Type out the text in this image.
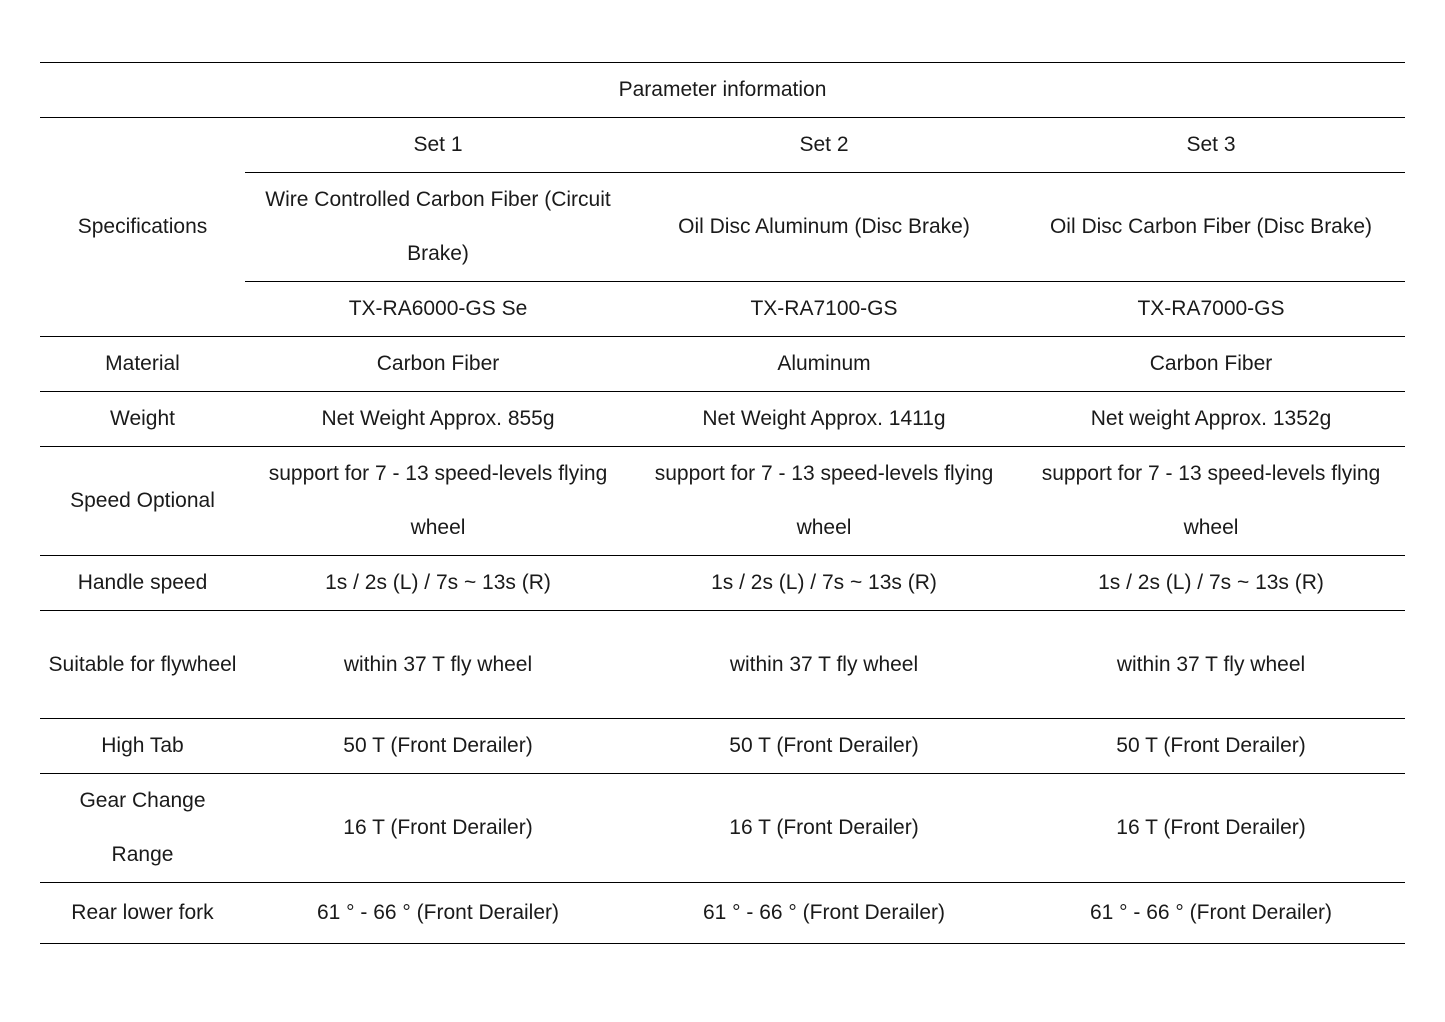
Parameter information			
Specifications	Set 1	Set 2	Set 3
	Wire Controlled Carbon Fiber (Circuit Brake)	Oil Disc Aluminum (Disc Brake)	Oil Disc Carbon Fiber (Disc Brake)
	TX-RA6000-GS Se	TX-RA7100-GS	TX-RA7000-GS
Material	Carbon Fiber	Aluminum	Carbon Fiber
Weight	Net Weight Approx. 855g	Net Weight Approx. 1411g	Net weight Approx. 1352g
Speed Optional	support for 7 - 13 speed-levels flying wheel	support for 7 - 13 speed-levels flying wheel	support for 7 - 13 speed-levels flying wheel
Handle speed	1s / 2s (L) / 7s ~ 13s (R)	1s / 2s (L) / 7s ~ 13s (R)	1s / 2s (L) / 7s ~ 13s (R)
Suitable for flywheel	within 37 T fly wheel	within 37 T fly wheel	within 37 T fly wheel
High Tab	50 T (Front Derailer)	50 T (Front Derailer)	50 T (Front Derailer)
Gear Change Range	16 T (Front Derailer)	16 T (Front Derailer)	16 T (Front Derailer)
Rear lower fork	61 ° - 66 ° (Front Derailer)	61 ° - 66 ° (Front Derailer)	61 ° - 66 ° (Front Derailer)
